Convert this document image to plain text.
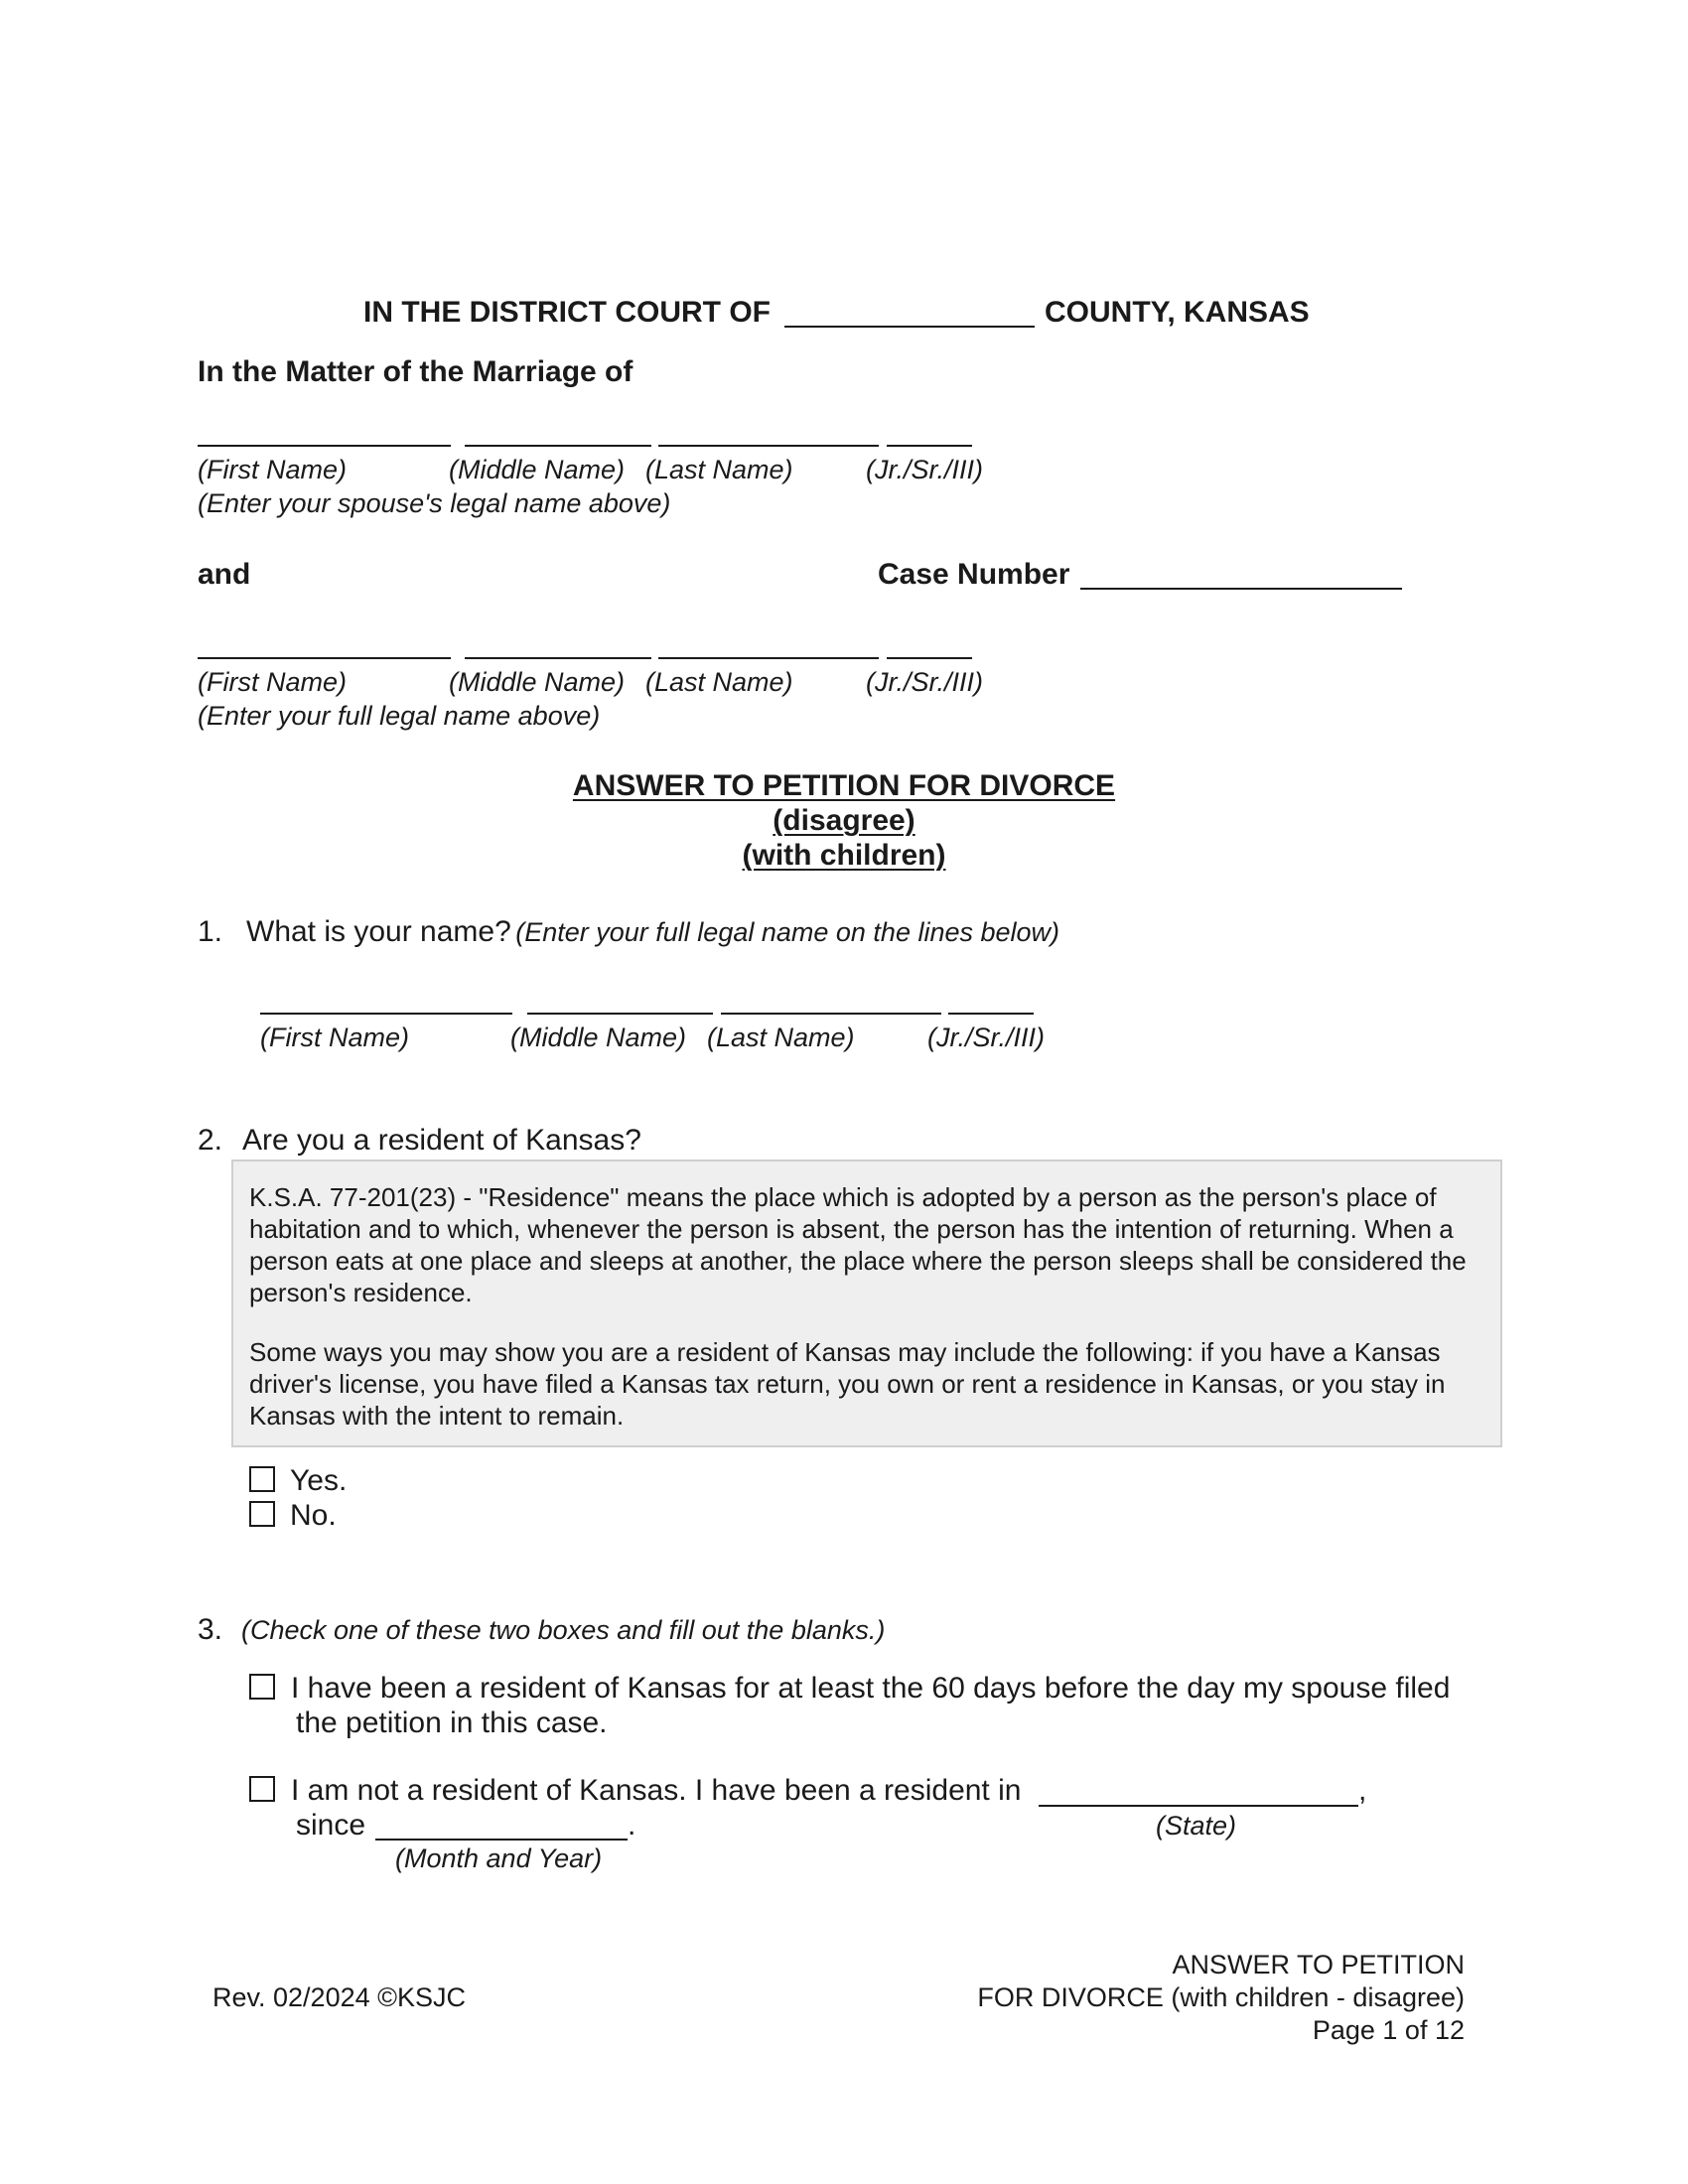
IN THE DISTRICT COURT OF	COUNTY, KANSAS
In the Matter of the Marriage of
(First Name)	(Middle Name) (Last Name)	(Jr./Sr./III)
(Enter your spouse's legal name above)
and	Case Number
(First Name)	(Middle Name) (Last Name)	(Jr./Sr./III)
(Enter your full legal name above)
ANSWER TO PETITION FOR DIVORCE
(disagree)
(with children)
1. What is your name? (Enter your full legal name on the lines below)
(First Name)	(Middle Name) (Last Name)	(Jr./Sr./III)
2. Are you a resident of Kansas?

K.S.A. 77-201(23) - "Residence" means the place which is adopted by a person as the person's place of habitation and to which, whenever the person is absent, the person has the intention of returning. When a person eats at one place and sleeps at another, the place where the person sleeps shall be considered the person's residence.

Some ways you may show you are a resident of Kansas may include the following: if you have a Kansas driver's license, you have filed a Kansas tax return, you own or rent a residence in Kansas, or you stay in Kansas with the intent to remain.

Yes.
No.
3. (Check one of these two boxes and fill out the blanks.)
I have been a resident of Kansas for at least the 60 days before the day my spouse filed
the petition in this case.
I am not a resident of Kansas. I have been a resident in	,
since	.	(State)
(Month and Year)
Rev. 02/2024 ©KSJC
ANSWER TO PETITION
FOR DIVORCE (with children - disagree)
Page 1 of 12
